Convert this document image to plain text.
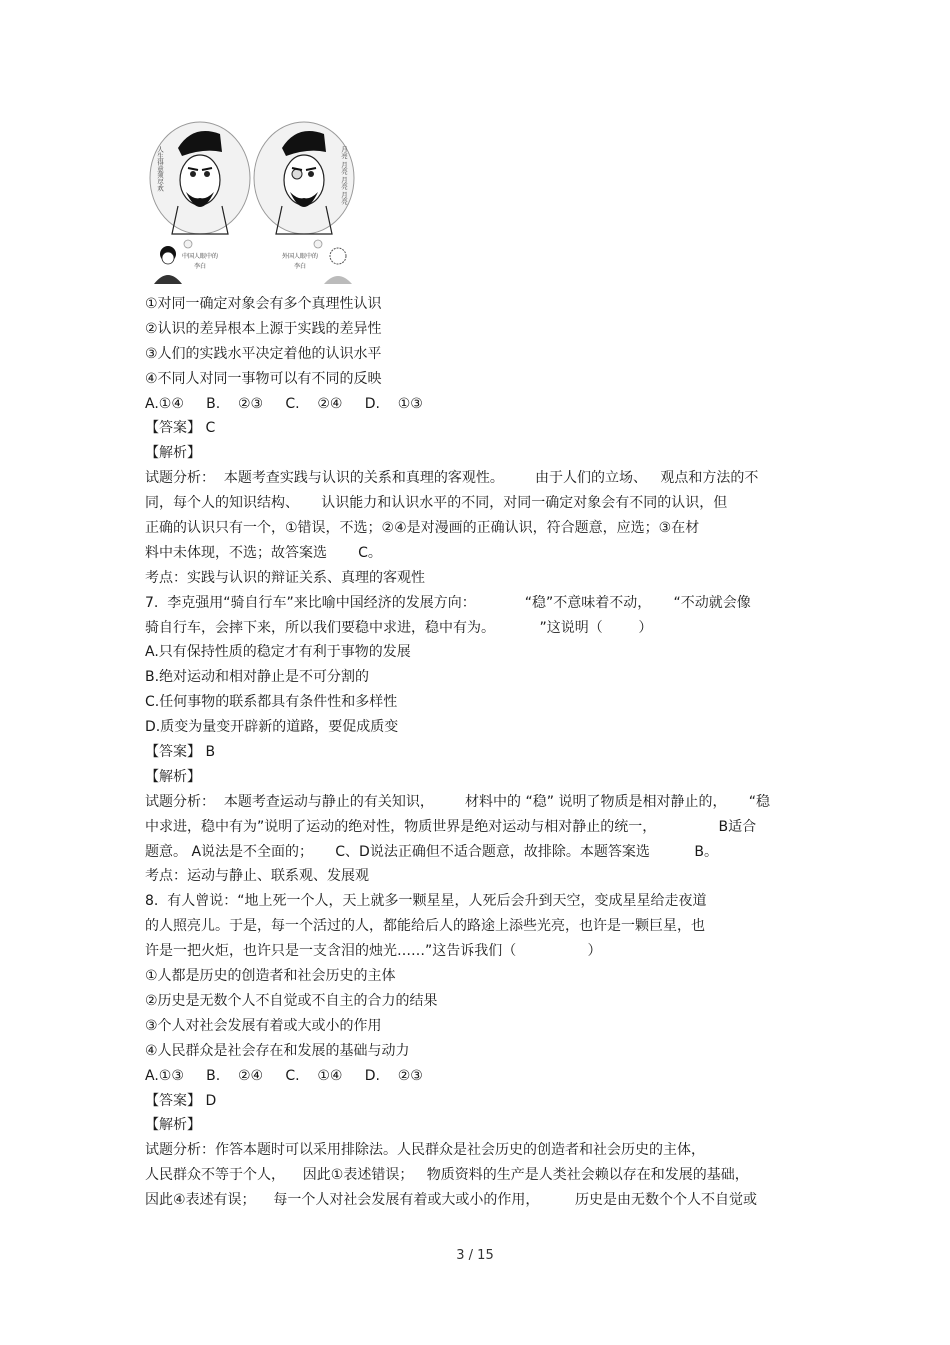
人生得意须尽欢	月亮 月亮 月亮 月亮
中国人眼中的
李白
外国人眼中的
李白

①对同一确定对象会有多个真理性认识

②认识的差异根本上源于实践的差异性

③人们的实践水平决定着他的认识水平

④不同人对同一事物可以有不同的反映

A.①④     B.    ②③     C.    ②④     D.    ①③

【答案】 C

【解析】

试题分析：  本题考查实践与认识的关系和真理的客观性。       由于人们的立场、   观点和方法的不

同，每个人的知识结构、     认识能力和认识水平的不同，对同一确定对象会有不同的认识，但

正确的认识只有一个，①错误，不选；②④是对漫画的正确认识，符合题意，应选；③在材

料中未体现，不选；故答案选       C。

考点：实践与认识的辩证关系、真理的客观性

7.  李克强用“骑自行车”来比喻中国经济的发展方向：           “稳”不意味着不动，     “不动就会像

骑自行车，会摔下来，所以我们要稳中求进，稳中有为。          ”这说明（        ）

A.只有保持性质的稳定才有利于事物的发展

B.绝对运动和相对静止是不可分割的

C.任何事物的联系都具有条件性和多样性

D.质变为量变开辟新的道路，要促成质变

【答案】 B

【解析】

试题分析：  本题考查运动与静止的有关知识，       材料中的 “稳” 说明了物质是相对静止的，     “稳

中求进，稳中有为”说明了运动的绝对性，物质世界是绝对运动与相对静止的统一，              B适合

题意。 A说法是不全面的；     C、D说法正确但不适合题意，故排除。本题答案选          B。

考点：运动与静止、联系观、发展观

8.  有人曾说：“地上死一个人，天上就多一颗星星，人死后会升到天空，变成星星给走夜道

的人照亮儿。于是，每一个活过的人，都能给后人的路途上添些光亮，也许是一颗巨星，也

许是一把火炬，也许只是一支含泪的烛光……”这告诉我们（                ）

①人都是历史的创造者和社会历史的主体

②历史是无数个人不自觉或不自主的合力的结果

③个人对社会发展有着或大或小的作用

④人民群众是社会存在和发展的基础与动力

A.①③     B.    ②④     C.    ①④     D.    ②③

【答案】 D

【解析】

试题分析：作答本题时可以采用排除法。人民群众是社会历史的创造者和社会历史的主体，

人民群众不等于个人，    因此①表述错误；   物质资料的生产是人类社会赖以存在和发展的基础，

因此④表述有误；    每一个人对社会发展有着或大或小的作用，        历史是由无数个个人不自觉或

3 / 15
